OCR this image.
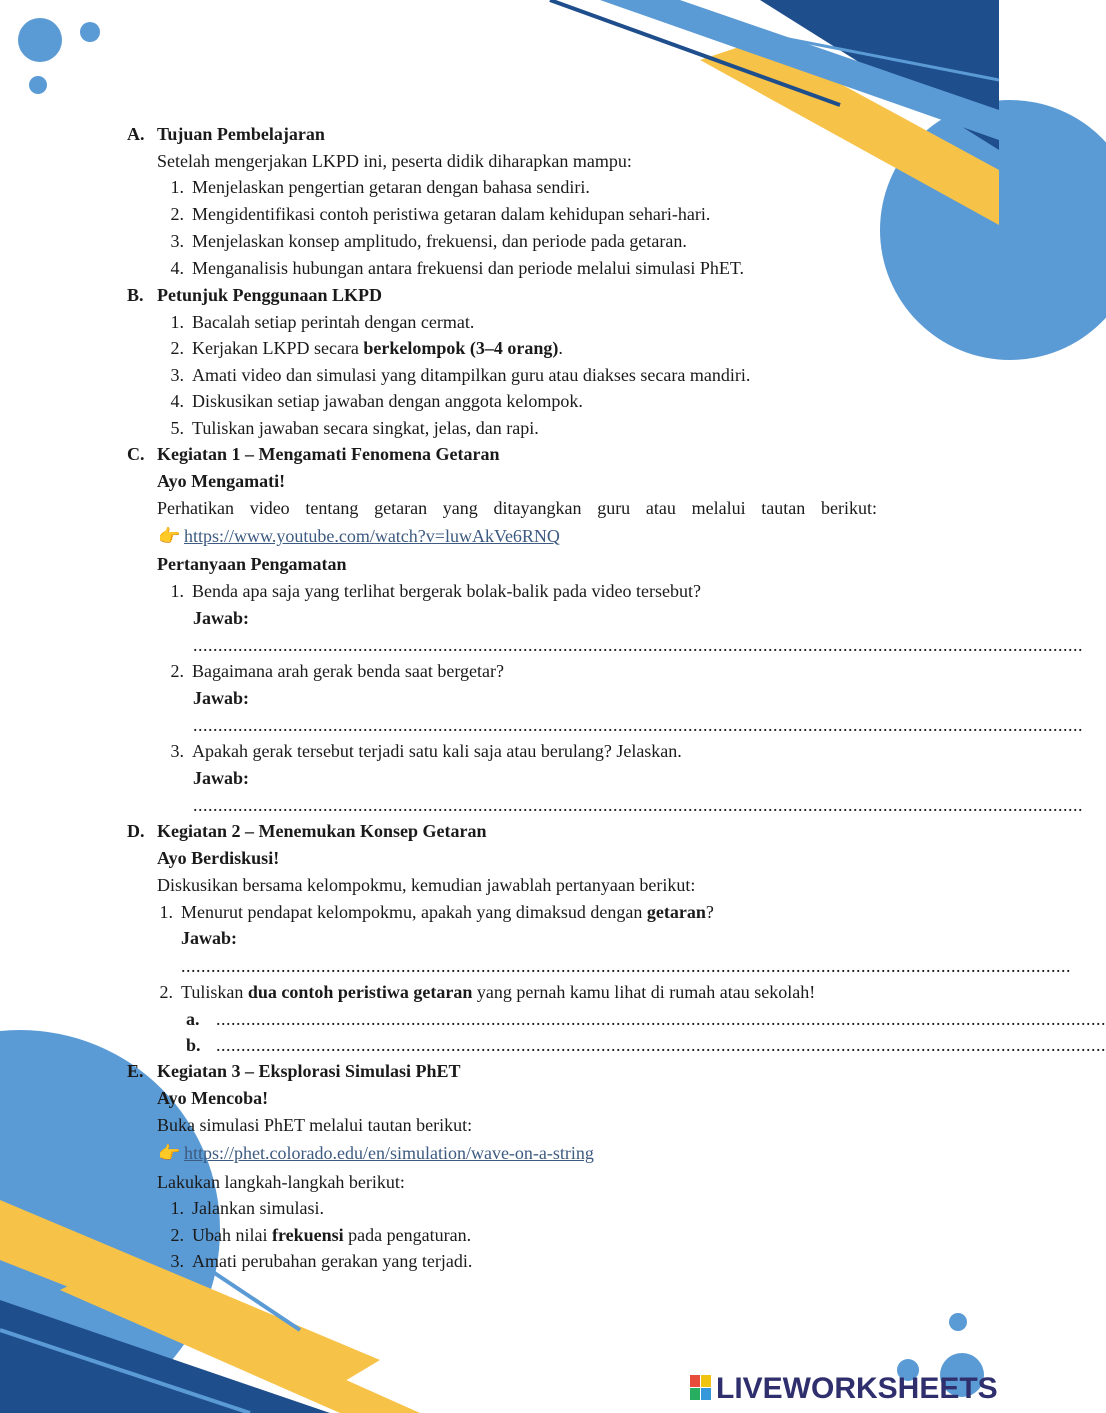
A. Tujuan Pembelajaran
Setelah mengerjakan LKPD ini, peserta didik diharapkan mampu:
1. Menjelaskan pengertian getaran dengan bahasa sendiri.
2. Mengidentifikasi contoh peristiwa getaran dalam kehidupan sehari-hari.
3. Menjelaskan konsep amplitudo, frekuensi, dan periode pada getaran.
4. Menganalisis hubungan antara frekuensi dan periode melalui simulasi PhET.
B. Petunjuk Penggunaan LKPD
1. Bacalah setiap perintah dengan cermat.
2. Kerjakan LKPD secara berkelompok (3–4 orang).
3. Amati video dan simulasi yang ditampilkan guru atau diakses secara mandiri.
4. Diskusikan setiap jawaban dengan anggota kelompok.
5. Tuliskan jawaban secara singkat, jelas, dan rapi.
C. Kegiatan 1 – Mengamati Fenomena Getaran
Ayo Mengamati!
Perhatikan video tentang getaran yang ditayangkan guru atau melalui tautan berikut:
👉 https://www.youtube.com/watch?v=luwAkVe6RNQ
Pertanyaan Pengamatan
1. Benda apa saja yang terlihat bergerak bolak-balik pada video tersebut?
Jawab:
..................................................................................................................................................................................
2. Bagaimana arah gerak benda saat bergetar?
Jawab:
..................................................................................................................................................................................
3. Apakah gerak tersebut terjadi satu kali saja atau berulang? Jelaskan.
Jawab:
..................................................................................................................................................................................
D. Kegiatan 2 – Menemukan Konsep Getaran
Ayo Berdiskusi!
Diskusikan bersama kelompokmu, kemudian jawablah pertanyaan berikut:
1. Menurut pendapat kelompokmu, apakah yang dimaksud dengan getaran?
Jawab:
..................................................................................................................................................................................
2. Tuliskan dua contoh peristiwa getaran yang pernah kamu lihat di rumah atau sekolah!
a. ..................................................................................................................................................................................
b. ..................................................................................................................................................................................
E. Kegiatan 3 – Eksplorasi Simulasi PhET
Ayo Mencoba!
Buka simulasi PhET melalui tautan berikut:
👉 https://phet.colorado.edu/en/simulation/wave-on-a-string
Lakukan langkah-langkah berikut:
1. Jalankan simulasi.
2. Ubah nilai frekuensi pada pengaturan.
3. Amati perubahan gerakan yang terjadi.
LIVEWORKSHEETS
